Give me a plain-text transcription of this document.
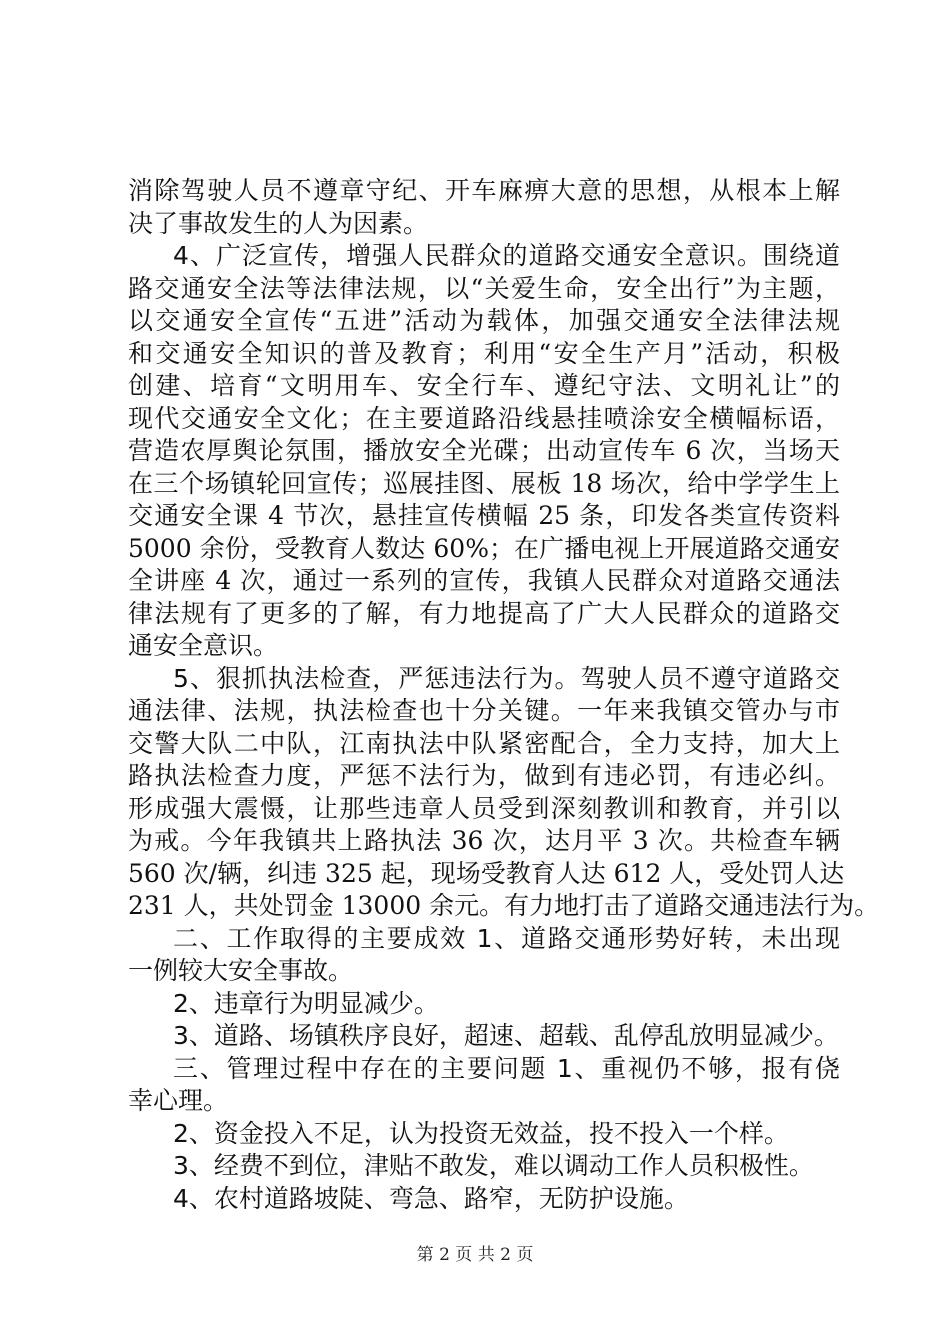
消除驾驶人员不遵章守纪、开车麻痹大意的思想，从根本上解
决了事故发生的人为因素。
4、广泛宣传，增强人民群众的道路交通安全意识。围绕道
路交通安全法等法律法规，以“关爱生命，安全出行”为主题，
以交通安全宣传“五进”活动为载体，加强交通安全法律法规
和交通安全知识的普及教育；利用“安全生产月”活动，积极
创建、培育“文明用车、安全行车、遵纪守法、文明礼让”的
现代交通安全文化；在主要道路沿线悬挂喷涂安全横幅标语，
营造农厚舆论氛围，播放安全光碟；出动宣传车 6 次，当场天
在三个场镇轮回宣传；巡展挂图、展板 18 场次，给中学学生上
交通安全课 4 节次，悬挂宣传横幅 25 条，印发各类宣传资料
5000 余份，受教育人数达 60%；在广播电视上开展道路交通安
全讲座 4 次，通过一系列的宣传，我镇人民群众对道路交通法
律法规有了更多的了解，有力地提高了广大人民群众的道路交
通安全意识。
5、狠抓执法检查，严惩违法行为。驾驶人员不遵守道路交
通法律、法规，执法检查也十分关键。一年来我镇交管办与市
交警大队二中队，江南执法中队紧密配合，全力支持，加大上
路执法检查力度，严惩不法行为，做到有违必罚，有违必纠。
形成强大震慑，让那些违章人员受到深刻教训和教育，并引以
为戒。今年我镇共上路执法 36 次，达月平 3 次。共检查车辆
560 次/辆，纠违 325 起，现场受教育人达 612 人，受处罚人达
231 人，共处罚金 13000 余元。有力地打击了道路交通违法行为。
二、工作取得的主要成效 1、道路交通形势好转，未出现
一例较大安全事故。
2、违章行为明显减少。
3、道路、场镇秩序良好，超速、超载、乱停乱放明显减少。
三、管理过程中存在的主要问题 1、重视仍不够，报有侥
幸心理。
2、资金投入不足，认为投资无效益，投不投入一个样。
3、经费不到位，津贴不敢发，难以调动工作人员积极性。
4、农村道路坡陡、弯急、路窄，无防护设施。
第 2 页 共 2 页
